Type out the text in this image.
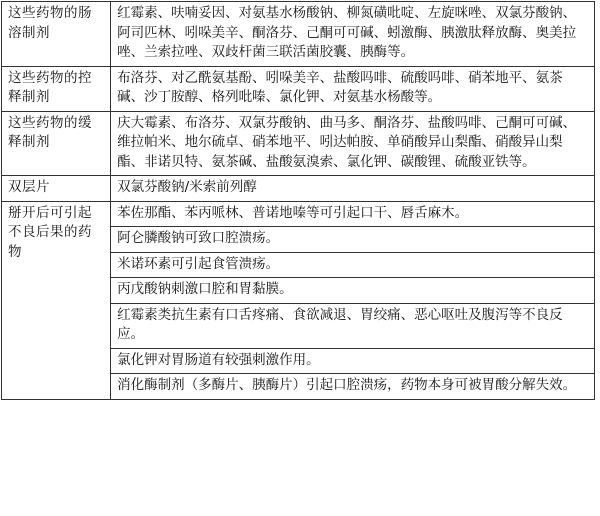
这些药物的肠溶制剂	红霉素、呋喃妥因、对氨基水杨酸钠、柳氮磺吡啶、左旋咪唑、双氯芬酸钠、阿司匹林、吲哚美辛、酮洛芬、己酮可可碱、蚓激酶、胰激肽释放酶、奥美拉唑、兰索拉唑、双歧杆菌三联活菌胶囊、胰酶等。
这些药物的控释制剂	布洛芬、对乙酰氨基酚、吲哚美辛、盐酸吗啡、硫酸吗啡、硝苯地平、氨茶碱、沙丁胺醇、格列吡嗪、氯化钾、对氨基水杨酸等。
这些药物的缓释制剂	庆大霉素、布洛芬、双氯芬酸钠、曲马多、酮洛芬、盐酸吗啡、己酮可可碱、维拉帕米、地尔硫卓、硝苯地平、吲达帕胺、单硝酸异山梨酯、硝酸异山梨酯、非诺贝特、氨茶碱、盐酸氨溴索、氯化钾、碳酸锂、硫酸亚铁等。
双层片	双氯芬酸钠/米索前列醇
掰开后可引起不良后果的药物	苯佐那酯、苯丙哌林、普诺地嗪等可引起口干、唇舌麻木。
	阿仑膦酸钠可致口腔溃疡。
	米诺环素可引起食管溃疡。
	丙戊酸钠刺激口腔和胃黏膜。
	红霉素类抗生素有口舌疼痛、食欲减退、胃绞痛、恶心呕吐及腹泻等不良反应。
	氯化钾对胃肠道有较强刺激作用。
	消化酶制剂（多酶片、胰酶片）引起口腔溃疡，药物本身可被胃酸分解失效。
